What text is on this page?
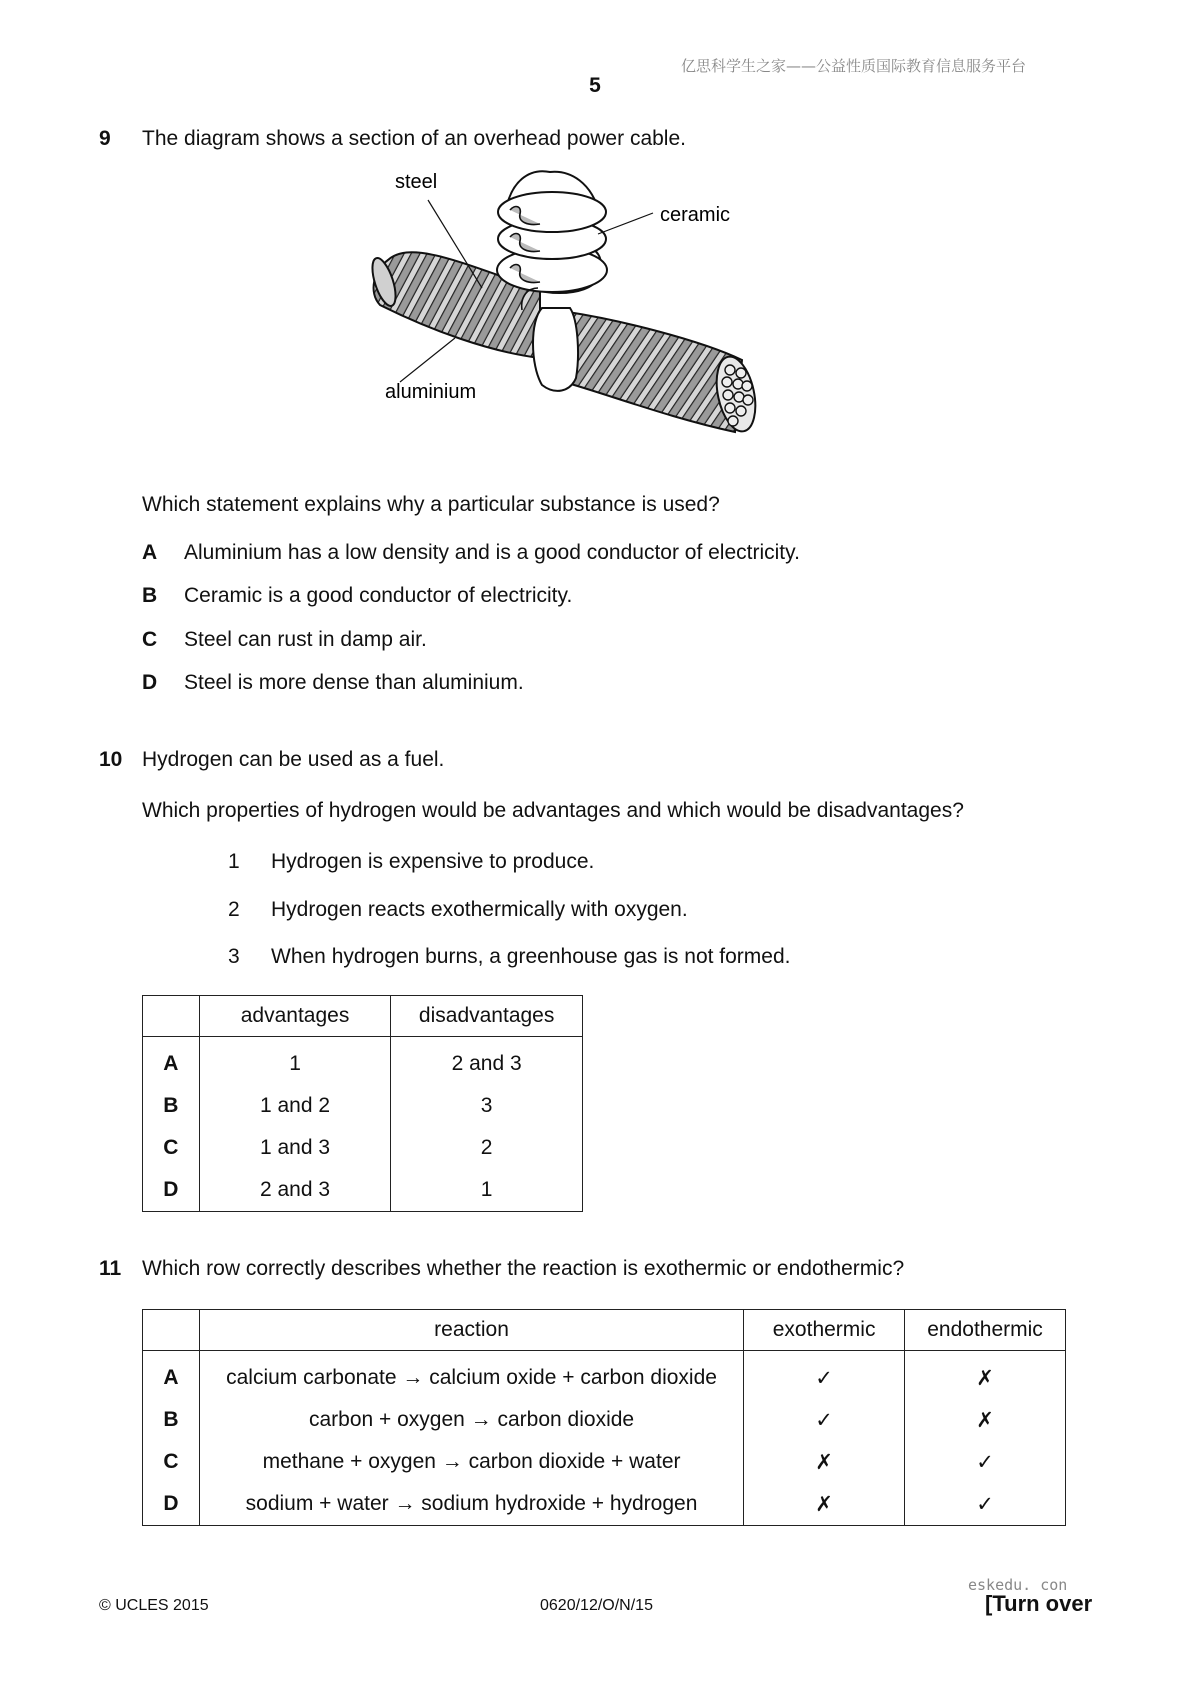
亿思科学生之家——公益性质国际教育信息服务平台
5
9 The diagram shows a section of an overhead power cable.
steel
ceramic
aluminium
Which statement explains why a particular substance is used?
A	Aluminium has a low density and is a good conductor of electricity.
B	Ceramic is a good conductor of electricity.
C	Steel can rust in damp air.
D	Steel is more dense than aluminium.
10 Hydrogen can be used as a fuel.
Which properties of hydrogen would be advantages and which would be disadvantages?
1 Hydrogen is expensive to produce.
2 Hydrogen reacts exothermically with oxygen.
3 When hydrogen burns, a greenhouse gas is not formed.
	advantages	disadvantages
A	1	2 and 3
B	1 and 2	3
C	1 and 3	2
D	2 and 3	1
11 Which row correctly describes whether the reaction is exothermic or endothermic?
	reaction	exothermic	endothermic
A	calcium carbonate → calcium oxide + carbon dioxide	✓	✗
B	carbon + oxygen → carbon dioxide	✓	✗
C	methane + oxygen → carbon dioxide + water	✗	✓
D	sodium + water → sodium hydroxide + hydrogen	✗	✓
© UCLES 2015	0620/12/O/N/15
eskedu. con
[Turn over
